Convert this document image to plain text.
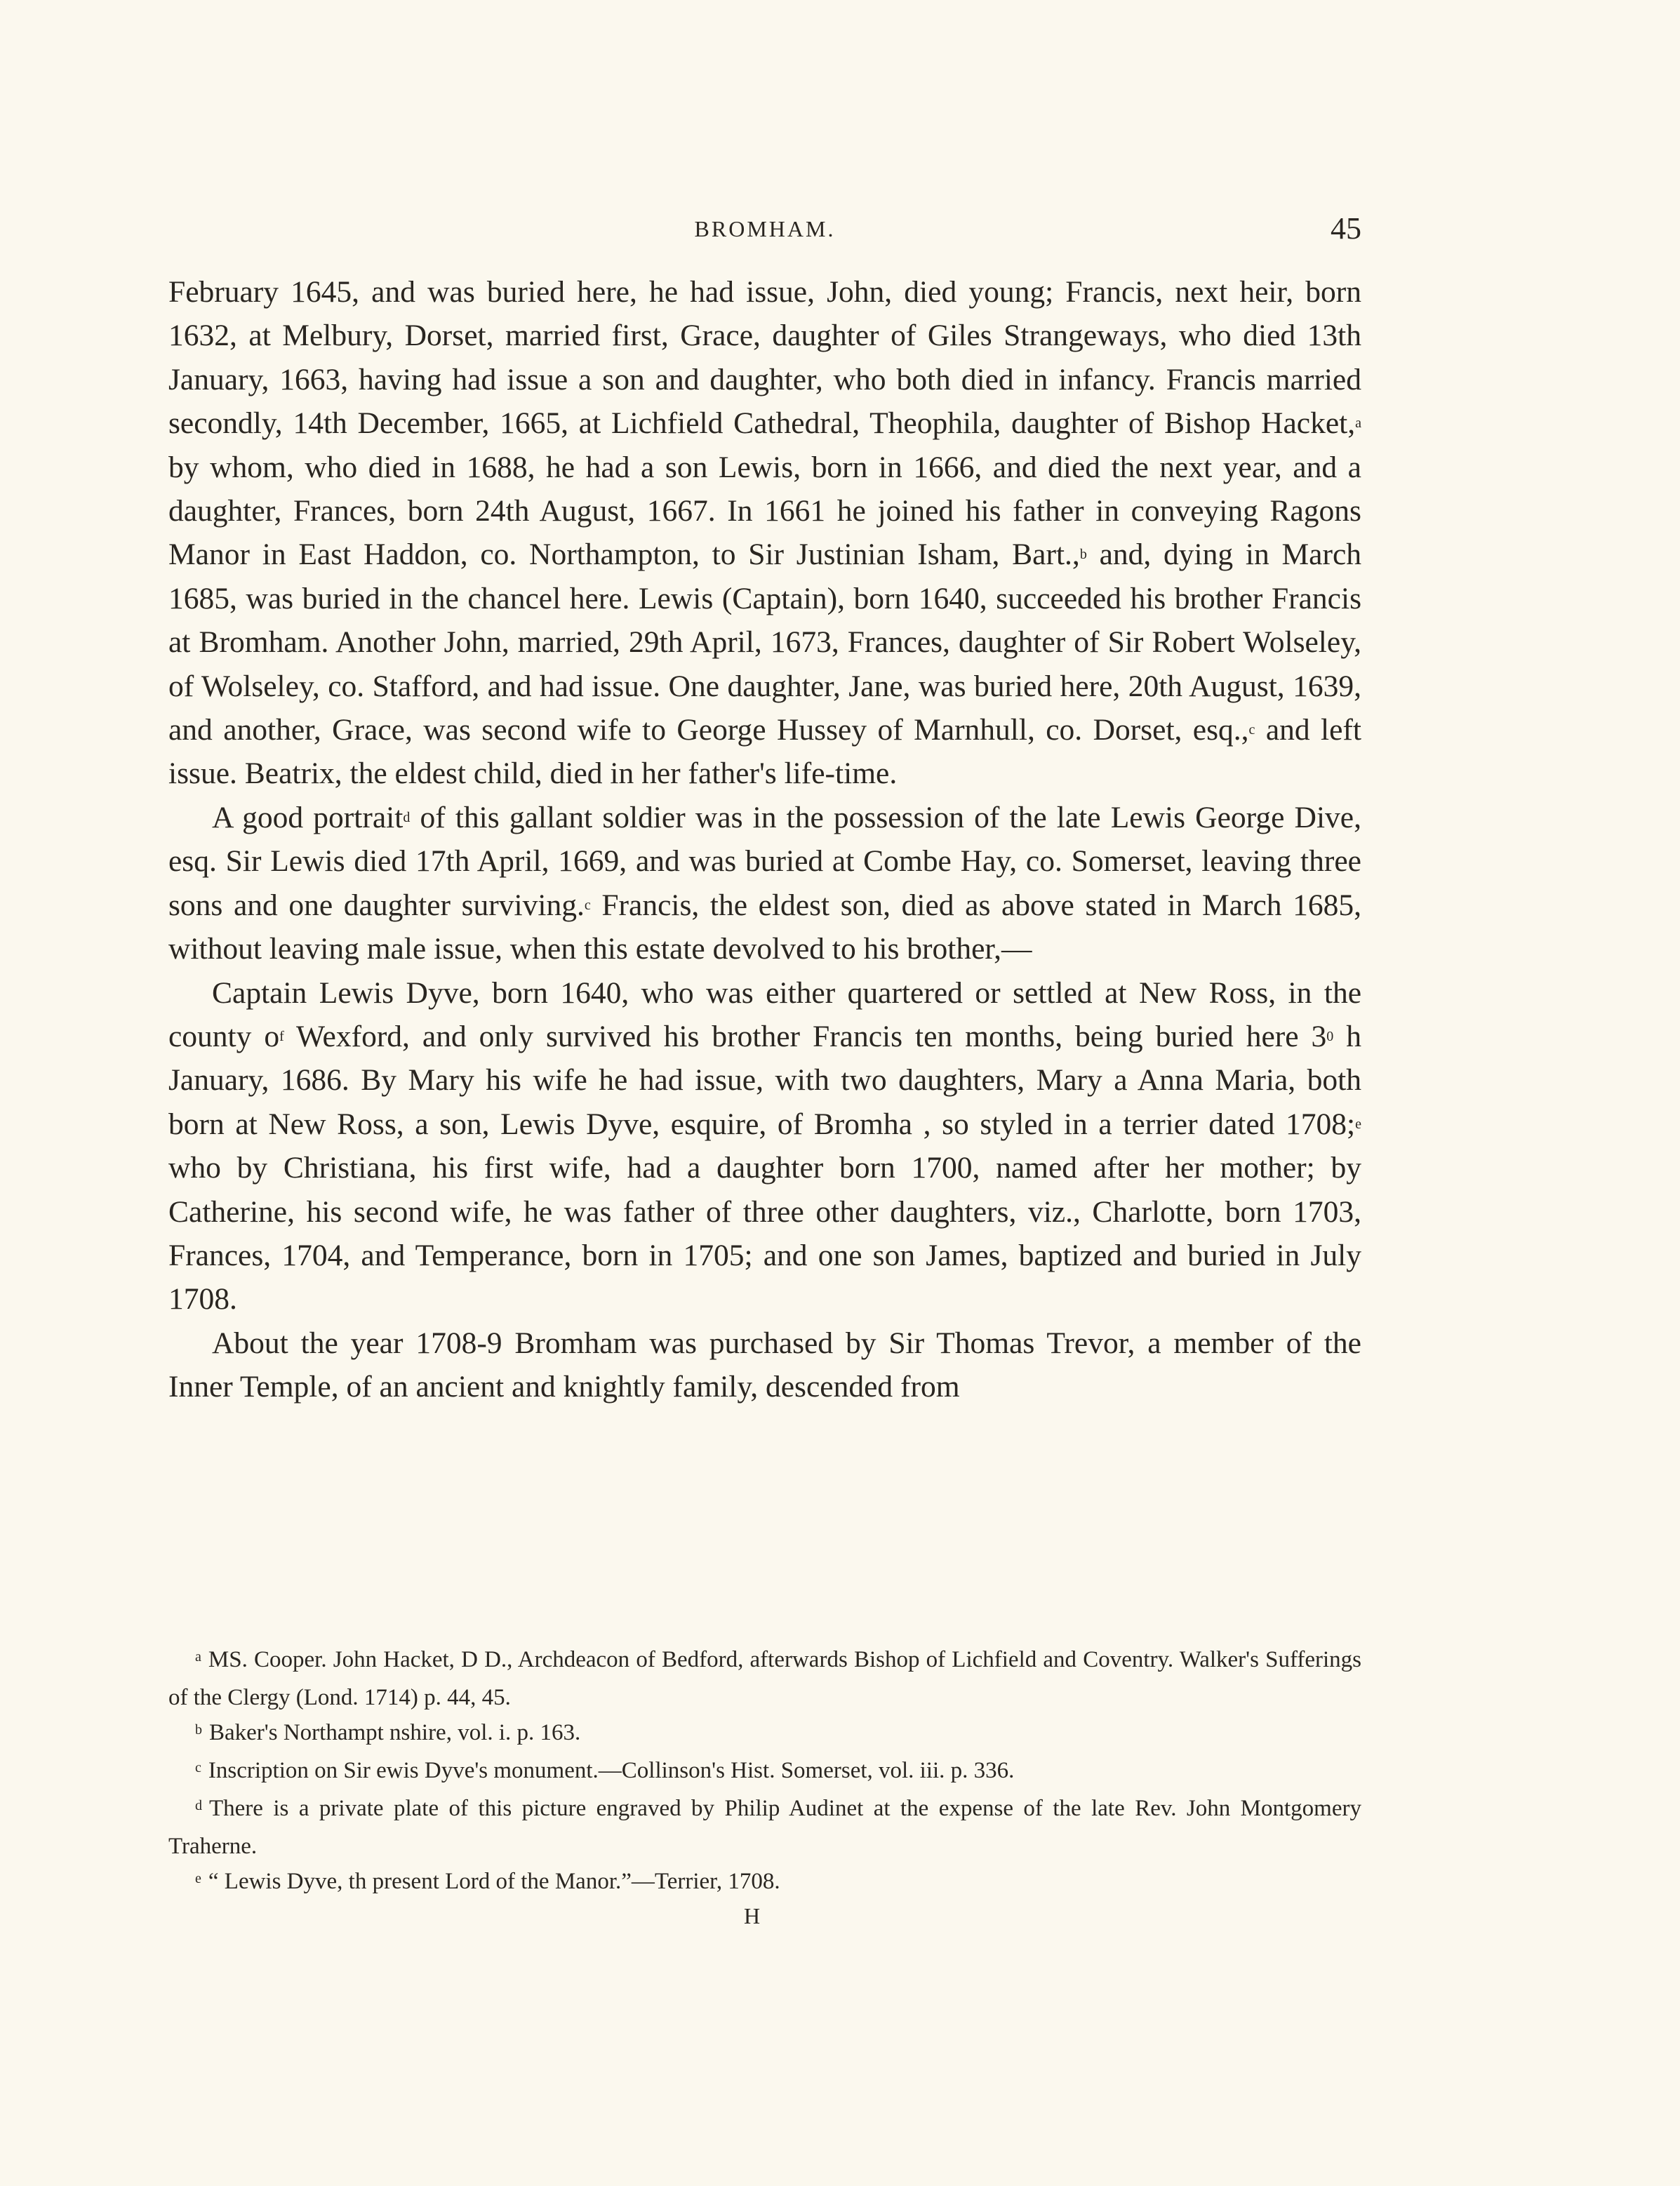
BROMHAM.	45

February 1645, and was buried here, he had issue, John, died young; Francis, next heir, born 1632, at Melbury, Dorset, married first, Grace, daughter of Giles Strangeways, who died 13th January, 1663, having had issue a son and daughter, who both died in infancy. Francis married secondly, 14th December, 1665, at Lichfield Cathedral, Theophila, daughter of Bishop Hacket,$^a$ by whom, who died in 1688, he had a son Lewis, born in 1666, and died the next year, and a daughter, Frances, born 24th August, 1667. In 1661 he joined his father in conveying Ragons Manor in East Haddon, co. Northampton, to Sir Justinian Isham, Bart.,$^b$ and, dying in March 1685, was buried in the chancel here. Lewis (Captain), born 1640, succeeded his brother Francis at Bromham. Another John, married, 29th April, 1673, Frances, daughter of Sir Robert Wolseley, of Wolseley, co. Stafford, and had issue. One daughter, Jane, was buried here, 20th August, 1639, and another, Grace, was second wife to George Hussey of Marnhull, co. Dorset, esq.,$^c$ and left issue. Beatrix, the eldest child, died in her father's life-time.

A good portrait$^d$ of this gallant soldier was in the possession of the late Lewis George Dive, esq. Sir Lewis died 17th April, 1669, and was buried at Combe Hay, co. Somerset, leaving three sons and one daughter surviving.$^c$ Francis, the eldest son, died as above stated in March 1685, without leaving male issue, when this estate devolved to his brother,—

Captain Lewis Dyve, born 1640, who was either quartered or settled at New Ross, in the county $o^f$ Wexford, and only survived his brother Francis ten months, being buried here $3^0$ h January, 1686. By Mary his wife he had issue, with two daughters, Mary a Anna Maria, both born at New Ross, a son, Lewis Dyve, esquire, of Bromha , so styled in a terrier dated 1708;$^e$ who by Christiana, his first wife, had a daughter born 1700, named after her mother; by Catherine, his second wife, he was father of three other daughters, viz., Charlotte, born 1703, Frances, 1704, and Temperance, born in 1705; and one son James, baptized and buried in July 1708.

About the year 1708-9 Bromham was purchased by Sir Thomas Trevor, a member of the Inner Temple, of an ancient and knightly family, descended from

$^a$ MS. Cooper. John Hacket, D D., Archdeacon of Bedford, afterwards Bishop of Lichfield and Coventry. Walker's Sufferings of the Clergy (Lond. 1714) p. 44, 45.

$^b$ Baker's Northampt nshire, vol. i. p. 163.

$^c$ Inscription on Sir ewis Dyve's monument.—Collinson's Hist. Somerset, vol. iii. p. 336.

$^d$ There is a private plate of this picture engraved by Philip Audinet at the expense of the late Rev. John Montgomery Traherne.

$^e$ “ Lewis Dyve, th present Lord of the Manor.”—Terrier, 1708.

H
